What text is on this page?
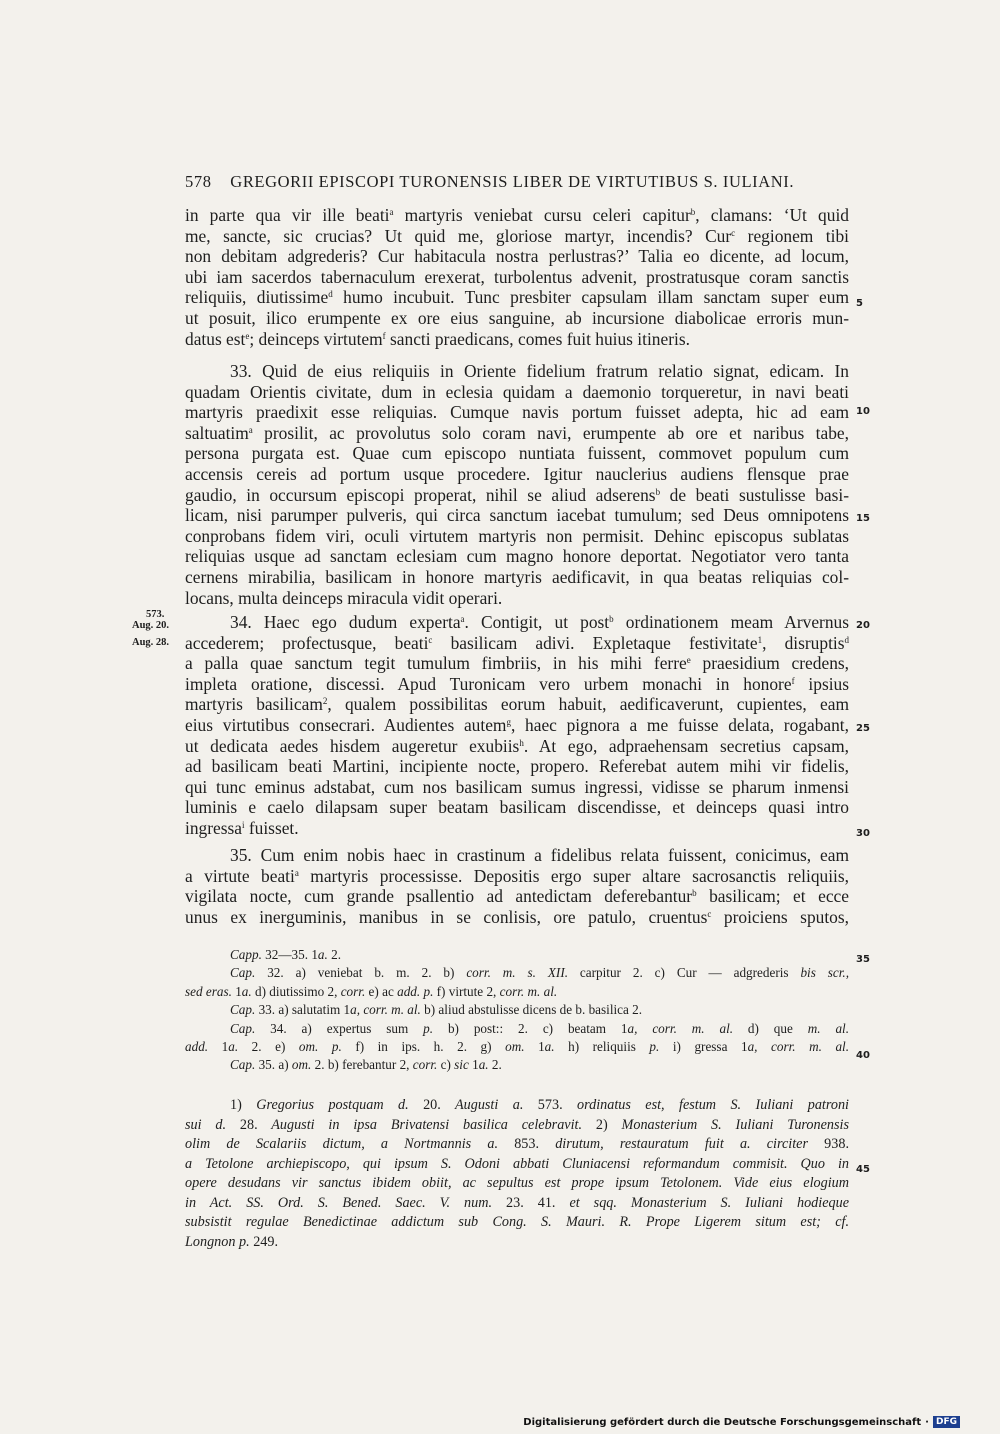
578 GREGORII EPISCOPI TURONENSIS LIBER DE VIRTUTIBUS S. IULIANI.

in parte qua vir ille beati$^a$ martyris veniebat cursu celeri capitur$^b$, clamans: ‘Ut quid

me, sancte, sic crucias? Ut quid me, gloriose martyr, incendis? Cur$^c$ regionem tibi

non debitam adgrederis? Cur habitacula nostra perlustras?’ Talia eo dicente, ad locum,

ubi iam sacerdos tabernaculum erexerat, turbolentus advenit, prostratusque coram sanctis

reliquiis, diutissime$^d$ humo incubuit. Tunc presbiter capsulam illam sanctam super eum

ut posuit, ilico erumpente ex ore eius sanguine, ab incursione diabolicae erroris mun-

datus est$^e$; deinceps virtutem$^f$ sancti praedicans, comes fuit huius itineris.

33. Quid de eius reliquiis in Oriente fidelium fratrum relatio signat, edicam. In

quadam Orientis civitate, dum in eclesia quidam a daemonio torqueretur, in navi beati

martyris praedixit esse reliquias. Cumque navis portum fuisset adepta, hic ad eam

saltuatim$^a$ prosilit, ac provolutus solo coram navi, erumpente ab ore et naribus tabe,

persona purgata est. Quae cum episcopo nuntiata fuissent, commovet populum cum

accensis cereis ad portum usque procedere. Igitur nauclerius audiens flensque prae

gaudio, in occursum episcopi properat, nihil se aliud adserens$^b$ de beati sustulisse basi-

licam, nisi parumper pulveris, qui circa sanctum iacebat tumulum; sed Deus omnipotens

conprobans fidem viri, oculi virtutem martyris non permisit. Dehinc episcopus sublatas

reliquias usque ad sanctam eclesiam cum magno honore deportat. Negotiator vero tanta

cernens mirabilia, basilicam in honore martyris aedificavit, in qua beatas reliquias col-

locans, multa deinceps miracula vidit operari.

34. Haec ego dudum experta$^a$. Contigit, ut post$^b$ ordinationem meam Arvernus

accederem; profectusque, beati$^c$ basilicam adivi. Expletaque festivitate$^1$, disruptis$^d$

a palla quae sanctum tegit tumulum fimbriis, in his mihi ferre$^e$ praesidium credens,

impleta oratione, discessi. Apud Turonicam vero urbem monachi in honore$^f$ ipsius

martyris basilicam$^2$, qualem possibilitas eorum habuit, aedificaverunt, cupientes, eam

eius virtutibus consecrari. Audientes autem$^g$, haec pignora a me fuisse delata, rogabant,

ut dedicata aedes hisdem augeretur exubiis$^h$. At ego, adpraehensam secretius capsam,

ad basilicam beati Martini, incipiente nocte, propero. Referebat autem mihi vir fidelis,

qui tunc eminus adstabat, cum nos basilicam sumus ingressi, vidisse se pharum inmensi

luminis e caelo dilapsam super beatam basilicam discendisse, et deinceps quasi intro

ingressa$^i$ fuisset.

35. Cum enim nobis haec in crastinum a fidelibus relata fuissent, conicimus, eam

a virtute beati$^a$ martyris processisse. Depositis ergo super altare sacrosanctis reliquiis,

vigilata nocte, cum grande psallentio ad antedictam deferebantur$^b$ basilicam; et ecce

unus ex inerguminis, manibus in se conlisis, ore patulo, cruentus$^c$ proiciens sputos,

573.
Aug. 20.
Aug. 28.
5
10
15
20
25
30
35
40
45

Capp. 32—35. 1a. 2.

Cap. 32. a) veniebat b. m. 2. b) corr. m. s. XII. carpitur 2. c) Cur — adgrederis bis scr.,

sed eras. 1a. d) diutissimo 2, corr. e) ac add. p. f) virtute 2, corr. m. al.

Cap. 33. a) salutatim 1a, corr. m. al. b) aliud abstulisse dicens de b. basilica 2.

Cap. 34. a) expertus sum p. b) post:: 2. c) beatam 1a, corr. m. al. d) que m. al.

add. 1a. 2. e) om. p. f) in ips. h. 2. g) om. 1a. h) reliquiis p. i) gressa 1a, corr. m. al.

Cap. 35. a) om. 2. b) ferebantur 2, corr. c) sic 1a. 2.

1) Gregorius postquam d. 20. Augusti a. 573. ordinatus est, festum S. Iuliani patroni

sui d. 28. Augusti in ipsa Brivatensi basilica celebravit. 2) Monasterium S. Iuliani Turonensis

olim de Scalariis dictum, a Nortmannis a. 853. dirutum, restauratum fuit a. circiter 938.

a Tetolone archiepiscopo, qui ipsum S. Odoni abbati Cluniacensi reformandum commisit. Quo in

opere desudans vir sanctus ibidem obiit, ac sepultus est prope ipsum Tetolonem. Vide eius elogium

in Act. SS. Ord. S. Bened. Saec. V. num. 23. 41. et sqq. Monasterium S. Iuliani hodieque

subsistit regulae Benedictinae addictum sub Cong. S. Mauri. R. Prope Ligerem situm est; cf.

Longnon p. 249.

Digitalisierung gefördert durch die Deutsche Forschungsgemeinschaft · DFG
